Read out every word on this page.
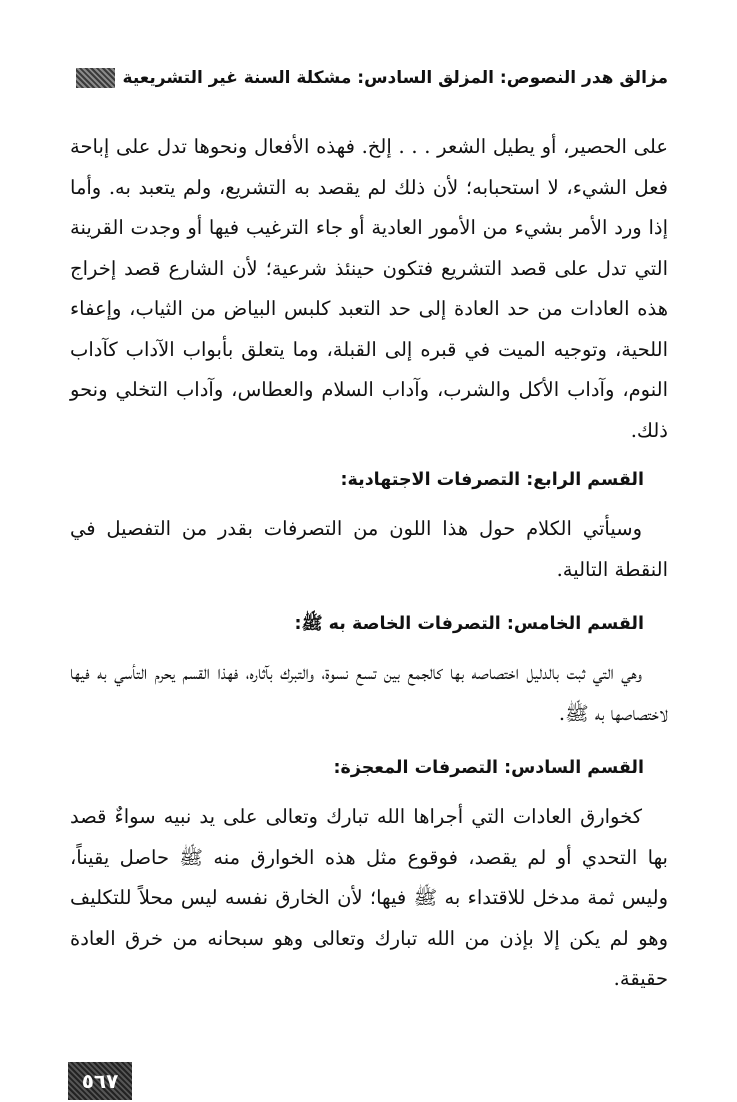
مزالق هدر النصوص: المزلق السادس: مشكلة السنة غير التشريعية

على الحصير، أو يطيل الشعر . . . إلخ. فهذه الأفعال ونحوها تدل على إباحة فعل الشيء، لا استحبابه؛ لأن ذلك لم يقصد به التشريع، ولم يتعبد به. وأما إذا ورد الأمر بشيء من الأمور العادية أو جاء الترغيب فيها أو وجدت القرينة التي تدل على قصد التشريع فتكون حينئذ شرعية؛ لأن الشارع قصد إخراج هذه العادات من حد العادة إلى حد التعبد كلبس البياض من الثياب، وإعفاء اللحية، وتوجيه الميت في قبره إلى القبلة، وما يتعلق بأبواب الآداب كآداب النوم، وآداب الأكل والشرب، وآداب السلام والعطاس، وآداب التخلي ونحو ذلك.

القسم الرابع: التصرفات الاجتهادية:

وسيأتي الكلام حول هذا اللون من التصرفات بقدر من التفصيل في النقطة التالية.

القسم الخامس: التصرفات الخاصة به ﷺ:

وهي التي ثبت بالدليل اختصاصه بها كالجمع بين تسع نسوة، والتبرك بآثاره، فهذا القسم يحرم التأسي به فيها لاختصاصها به ﷺ.

القسم السادس: التصرفات المعجزة:

كخوارق العادات التي أجراها الله تبارك وتعالى على يد نبيه سواءٌ قصد بها التحدي أو لم يقصد، فوقوع مثل هذه الخوارق منه ﷺ حاصل يقيناً، وليس ثمة مدخل للاقتداء به ﷺ فيها؛ لأن الخارق نفسه ليس محلاً للتكليف وهو لم يكن إلا بإذن من الله تبارك وتعالى وهو سبحانه من خرق العادة حقيقة.

٥٦٧
